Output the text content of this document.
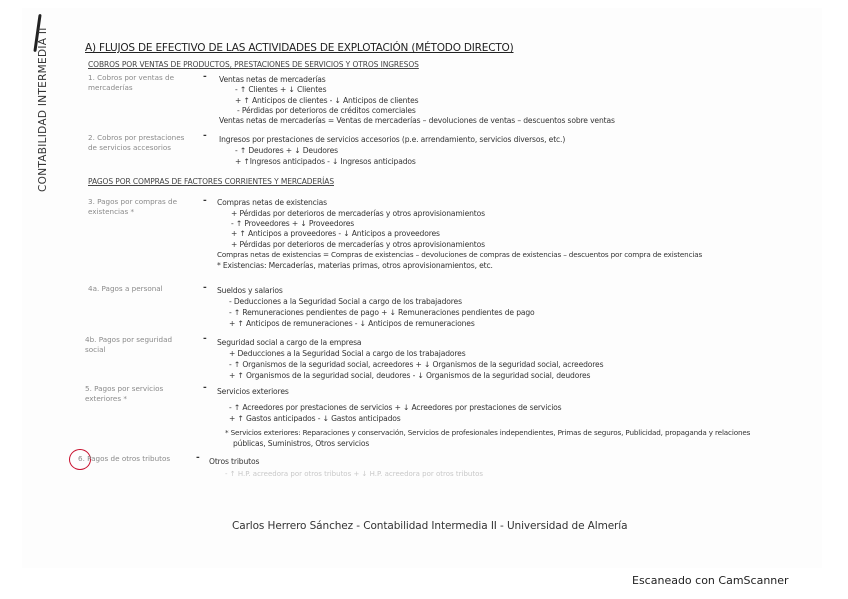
CONTABILIDAD INTERMEDIA II	A) FLUJOS DE EFECTIVO DE LAS ACTIVIDADES DE EXPLOTACIÓN (MÉTODO DIRECTO)
COBROS POR VENTAS DE PRODUCTOS, PRESTACIONES DE SERVICIOS Y OTROS INGRESOS
1. Cobros por ventas de mercaderías
- Ventas netas de mercaderías
- ↑ Clientes + ↓ Clientes
+ ↑ Anticipos de clientes - ↓ Anticipos de clientes
- Pérdidas por deterioros de créditos comerciales
Ventas netas de mercaderías = Ventas de mercaderías – devoluciones de ventas – descuentos sobre ventas
2. Cobros por prestaciones de servicios accesorios
- Ingresos por prestaciones de servicios accesorios (p.e. arrendamiento, servicios diversos, etc.)
- ↑ Deudores + ↓ Deudores
+ ↑Ingresos anticipados - ↓ Ingresos anticipados
PAGOS POR COMPRAS DE FACTORES CORRIENTES Y MERCADERÍAS
3. Pagos por compras de existencias *
- Compras netas de existencias
+ Pérdidas por deterioros de mercaderías y otros aprovisionamientos
- ↑ Proveedores + ↓ Proveedores
+ ↑ Anticipos a proveedores - ↓ Anticipos a proveedores
+ Pérdidas por deterioros de mercaderías y otros aprovisionamientos
Compras netas de existencias = Compras de existencias – devoluciones de compras de existencias – descuentos por compra de existencias
* Existencias: Mercaderías, materias primas, otros aprovisionamientos, etc.
4a. Pagos a personal	- Sueldos y salarios
- Deducciones a la Seguridad Social a cargo de los trabajadores
- ↑ Remuneraciones pendientes de pago + ↓ Remuneraciones pendientes de pago
+ ↑ Anticipos de remuneraciones - ↓ Anticipos de remuneraciones
4b. Pagos por seguridad social
- Seguridad social a cargo de la empresa
+ Deducciones a la Seguridad Social a cargo de los trabajadores
- ↑ Organismos de la seguridad social, acreedores + ↓ Organismos de la seguridad social, acreedores
+ ↑ Organismos de la seguridad social, deudores - ↓ Organismos de la seguridad social, deudores
5. Pagos por servicios exteriores *
- Servicios exteriores
- ↑ Acreedores por prestaciones de servicios + ↓ Acreedores por prestaciones de servicios
+ ↑ Gastos anticipados - ↓ Gastos anticipados
* Servicios exteriores: Reparaciones y conservación, Servicios de profesionales independientes, Primas de seguros, Publicidad, propaganda y relaciones
públicas, Suministros, Otros servicios
6. Pagos de otros tributos	- Otros tributos
- ↑ H.P. acreedora por otros tributos + ↓ H.P. acreedora por otros tributos
Carlos Herrero Sánchez - Contabilidad Intermedia II - Universidad de Almería
Escaneado con CamScanner
